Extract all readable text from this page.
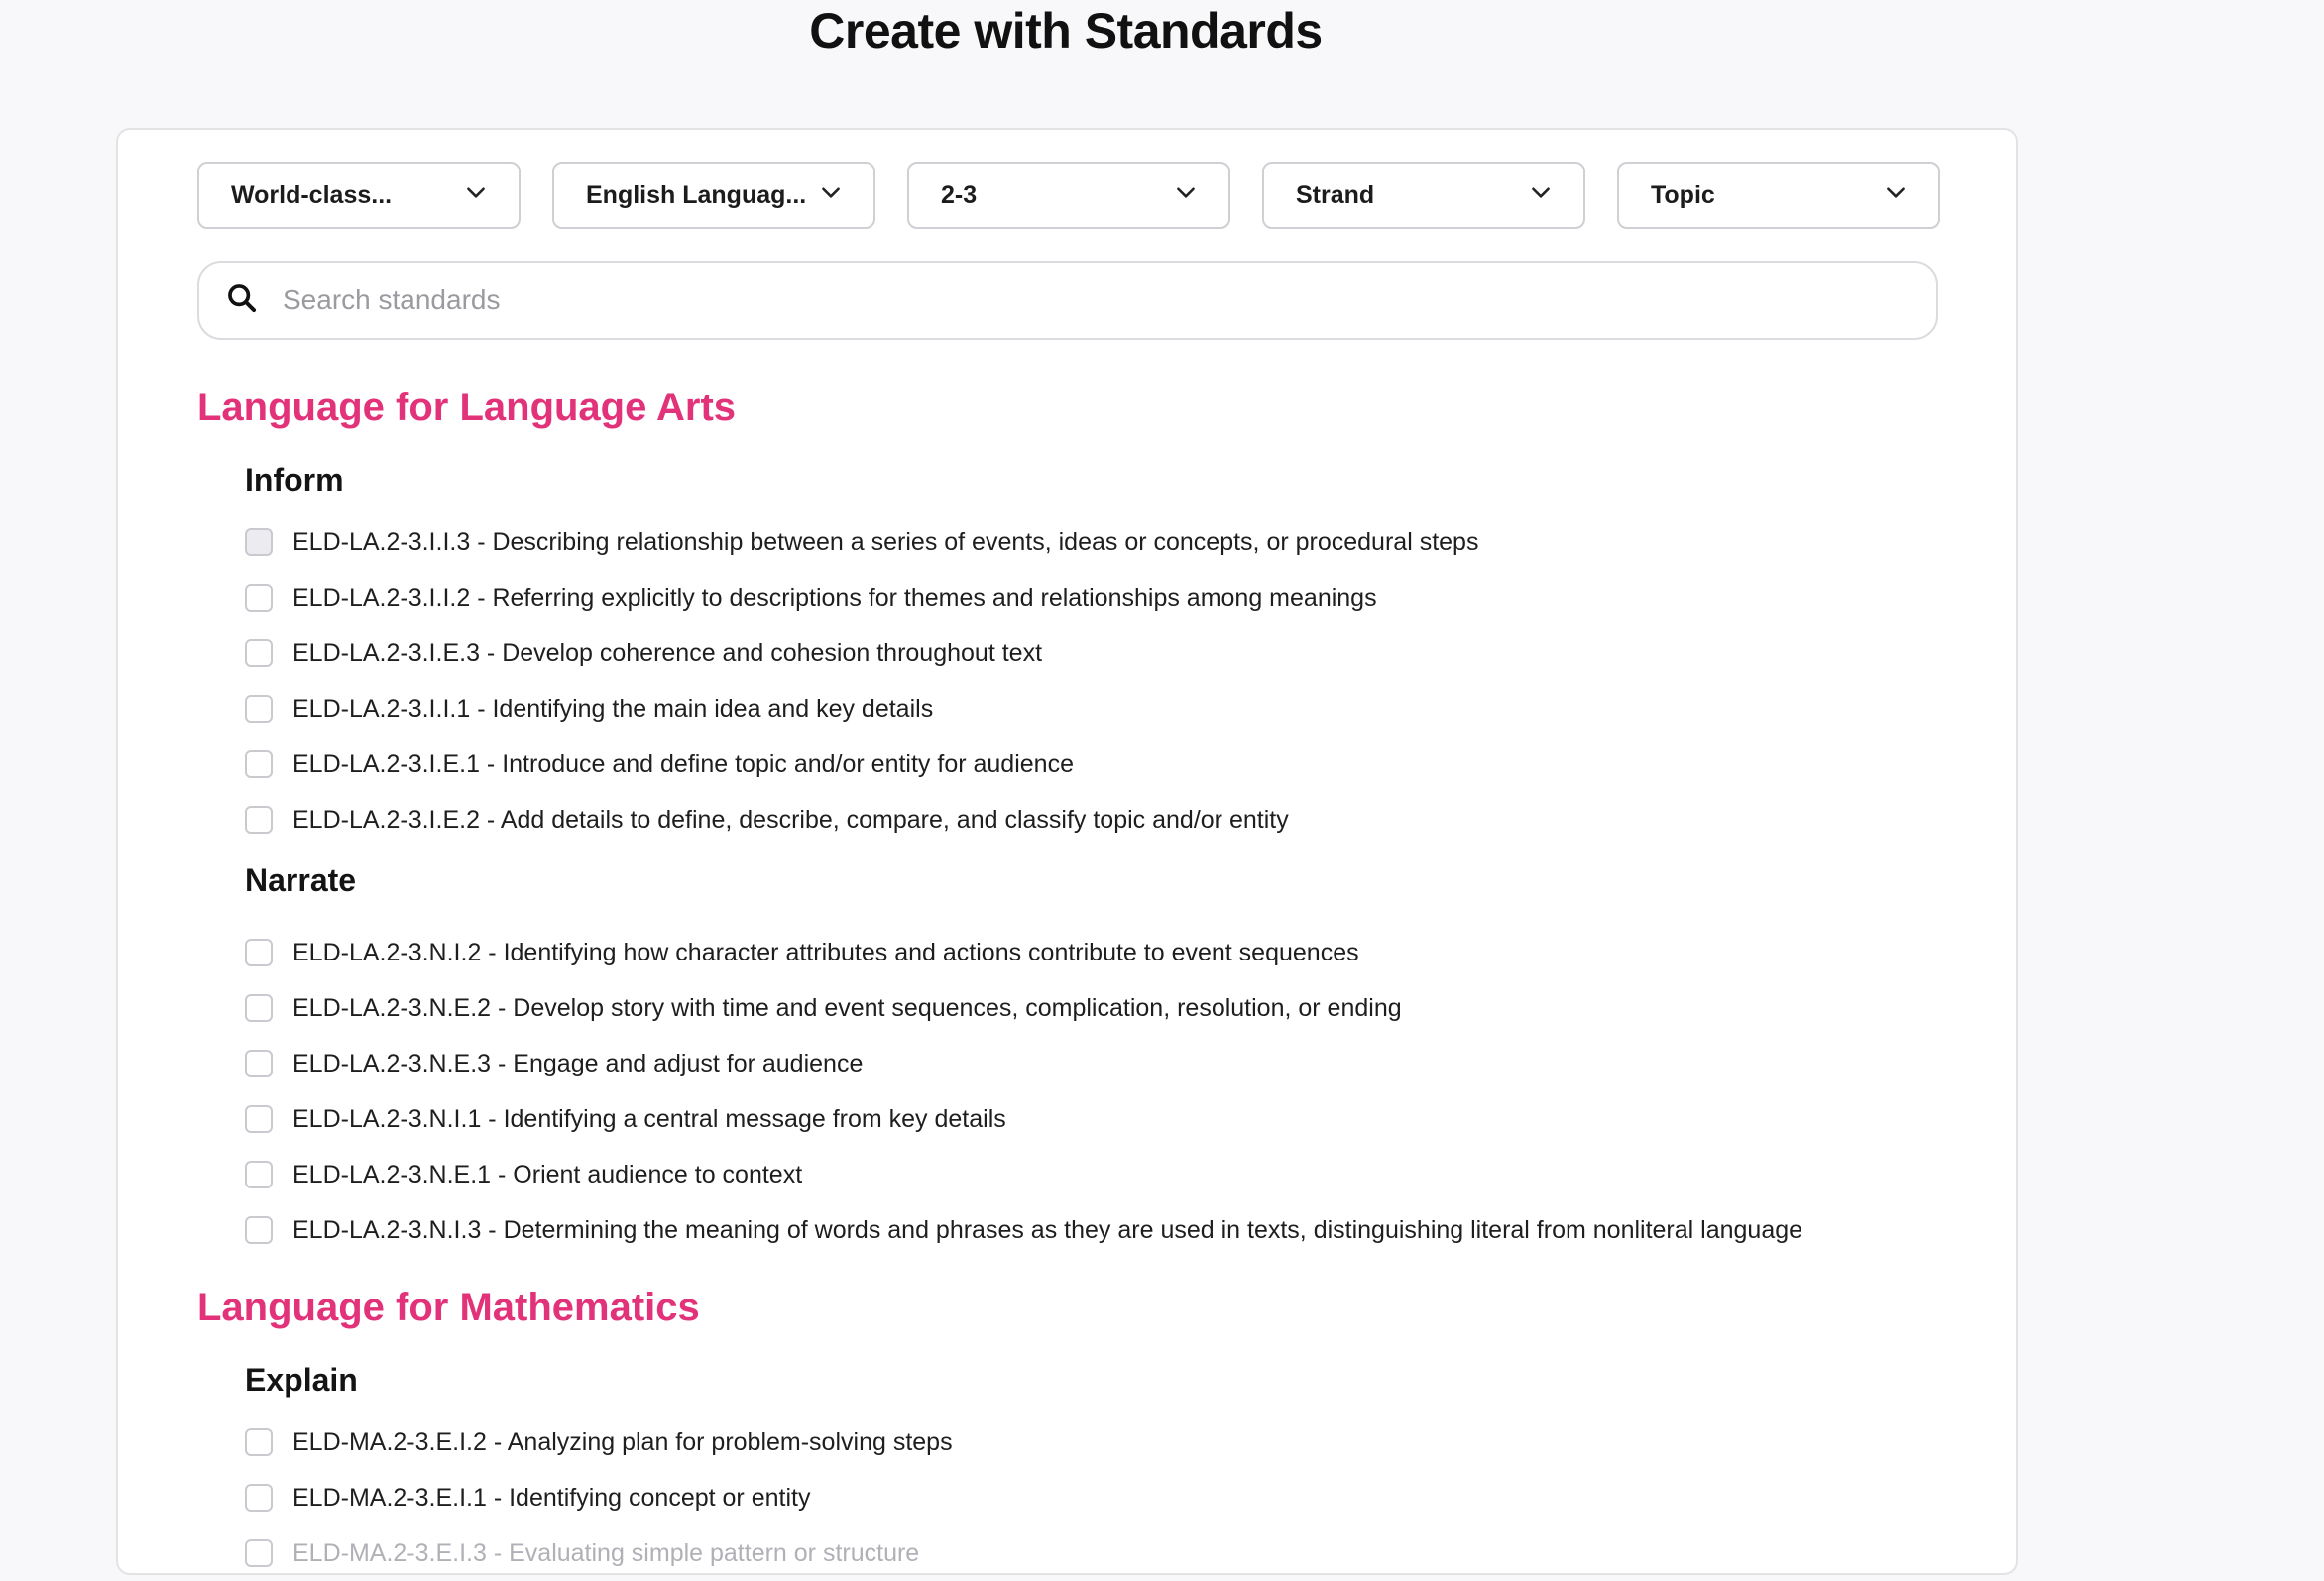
Create with Standards
World-class...	English Languag...	2-3	Strand	Topic
Search standards
Language for Language Arts
Inform
ELD-LA.2-3.I.I.3 - Describing relationship between a series of events, ideas or concepts, or procedural steps
ELD-LA.2-3.I.I.2 - Referring explicitly to descriptions for themes and relationships among meanings
ELD-LA.2-3.I.E.3 - Develop coherence and cohesion throughout text
ELD-LA.2-3.I.I.1 - Identifying the main idea and key details
ELD-LA.2-3.I.E.1 - Introduce and define topic and/or entity for audience
ELD-LA.2-3.I.E.2 - Add details to define, describe, compare, and classify topic and/or entity
Narrate
ELD-LA.2-3.N.I.2 - Identifying how character attributes and actions contribute to event sequences
ELD-LA.2-3.N.E.2 - Develop story with time and event sequences, complication, resolution, or ending
ELD-LA.2-3.N.E.3 - Engage and adjust for audience
ELD-LA.2-3.N.I.1 - Identifying a central message from key details
ELD-LA.2-3.N.E.1 - Orient audience to context
ELD-LA.2-3.N.I.3 - Determining the meaning of words and phrases as they are used in texts, distinguishing literal from nonliteral language
Language for Mathematics
Explain
ELD-MA.2-3.E.I.2 - Analyzing plan for problem-solving steps
ELD-MA.2-3.E.I.1 - Identifying concept or entity
ELD-MA.2-3.E.I.3 - Evaluating simple pattern or structure
